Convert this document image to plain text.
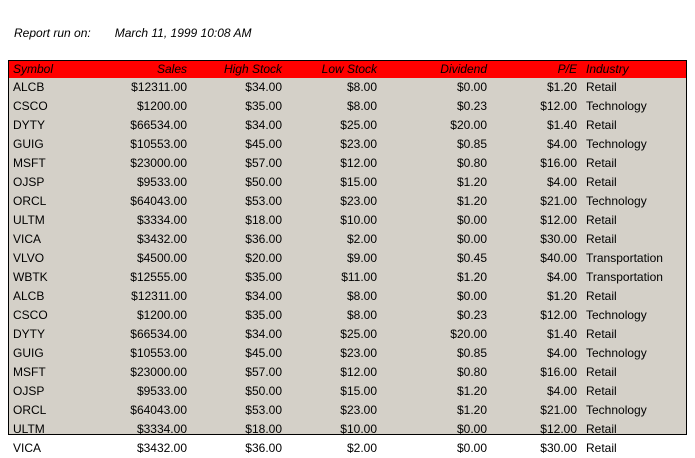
Report run on: March 11, 1999 10:08 AM
Symbol	Sales	High Stock	Low Stock	Dividend	P/E	Industry
ALCB	$12311.00	$34.00	$8.00	$0.00	$1.20	Retail
CSCO	$1200.00	$35.00	$8.00	$0.23	$12.00	Technology
DYTY	$66534.00	$34.00	$25.00	$20.00	$1.40	Retail
GUIG	$10553.00	$45.00	$23.00	$0.85	$4.00	Technology
MSFT	$23000.00	$57.00	$12.00	$0.80	$16.00	Retail
OJSP	$9533.00	$50.00	$15.00	$1.20	$4.00	Retail
ORCL	$64043.00	$53.00	$23.00	$1.20	$21.00	Technology
ULTM	$3334.00	$18.00	$10.00	$0.00	$12.00	Retail
VICA	$3432.00	$36.00	$2.00	$0.00	$30.00	Retail
VLVO	$4500.00	$20.00	$9.00	$0.45	$40.00	Transportation
WBTK	$12555.00	$35.00	$11.00	$1.20	$4.00	Transportation
ALCB	$12311.00	$34.00	$8.00	$0.00	$1.20	Retail
CSCO	$1200.00	$35.00	$8.00	$0.23	$12.00	Technology
DYTY	$66534.00	$34.00	$25.00	$20.00	$1.40	Retail
GUIG	$10553.00	$45.00	$23.00	$0.85	$4.00	Technology
MSFT	$23000.00	$57.00	$12.00	$0.80	$16.00	Retail
OJSP	$9533.00	$50.00	$15.00	$1.20	$4.00	Retail
ORCL	$64043.00	$53.00	$23.00	$1.20	$21.00	Technology
ULTM	$3334.00	$18.00	$10.00	$0.00	$12.00	Retail
VICA	$3432.00	$36.00	$2.00	$0.00	$30.00	Retail
